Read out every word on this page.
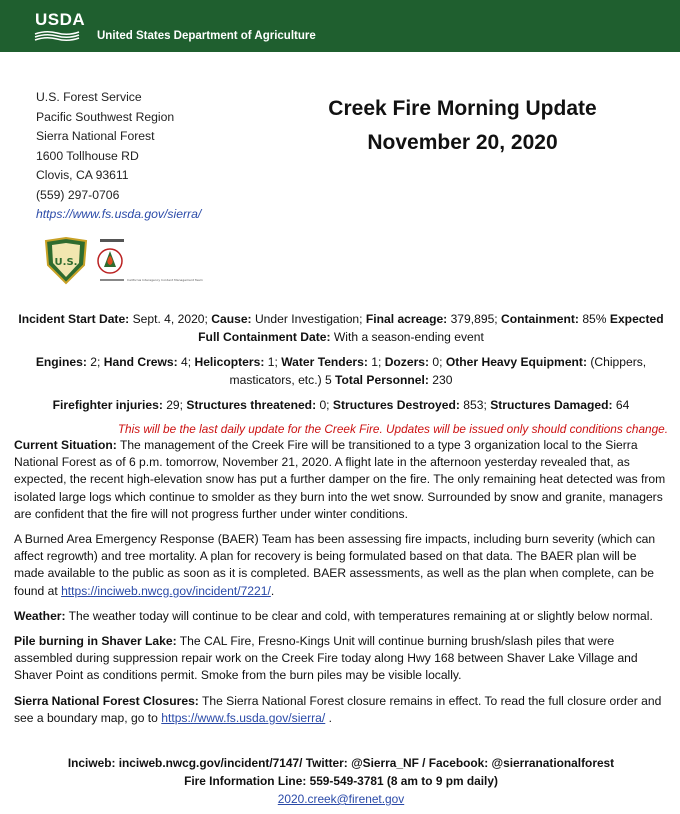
USDA
United States Department of Agriculture
U.S. Forest Service
Pacific Southwest Region
Sierra National Forest
1600 Tollhouse RD
Clovis, CA 93611
(559) 297-0706
https://www.fs.usda.gov/sierra/
Creek Fire Morning Update
November 20, 2020
U.S.
California Interagency Incident Management Team

Incident Start Date: Sept. 4, 2020; Cause: Under Investigation; Final acreage: 379,895; Containment: 85% Expected Full Containment Date: With a season-ending event

Engines: 2; Hand Crews: 4; Helicopters: 1; Water Tenders: 1; Dozers: 0; Other Heavy Equipment: (Chippers, masticators, etc.) 5 Total Personnel: 230

Firefighter injuries: 29; Structures threatened: 0; Structures Destroyed: 853; Structures Damaged: 64

This will be the last daily update for the Creek Fire. Updates will be issued only should conditions change.

Current Situation: The management of the Creek Fire will be transitioned to a type 3 organization local to the Sierra National Forest as of 6 p.m. tomorrow, November 21, 2020. A flight late in the afternoon yesterday revealed that, as expected, the recent high-elevation snow has put a further damper on the fire. The only remaining heat detected was from isolated large logs which continue to smolder as they burn into the wet snow. Surrounded by snow and granite, managers are confident that the fire will not progress further under winter conditions.

A Burned Area Emergency Response (BAER) Team has been assessing fire impacts, including burn severity (which can affect regrowth) and tree mortality. A plan for recovery is being formulated based on that data. The BAER plan will be made available to the public as soon as it is completed. BAER assessments, as well as the plan when complete, can be found at https://inciweb.nwcg.gov/incident/7221/.

Weather: The weather today will continue to be clear and cold, with temperatures remaining at or slightly below normal.

Pile burning in Shaver Lake: The CAL Fire, Fresno-Kings Unit will continue burning brush/slash piles that were assembled during suppression repair work on the Creek Fire today along Hwy 168 between Shaver Lake Village and Shaver Point as conditions permit. Smoke from the burn piles may be visible locally.

Sierra National Forest Closures: The Sierra National Forest closure remains in effect. To read the full closure order and see a boundary map, go to https://www.fs.usda.gov/sierra/ .

Inciweb: inciweb.nwcg.gov/incident/7147/ Twitter: @Sierra_NF / Facebook: @sierranationalforest
Fire Information Line: 559-549-3781 (8 am to 9 pm daily)
2020.creek@firenet.gov
